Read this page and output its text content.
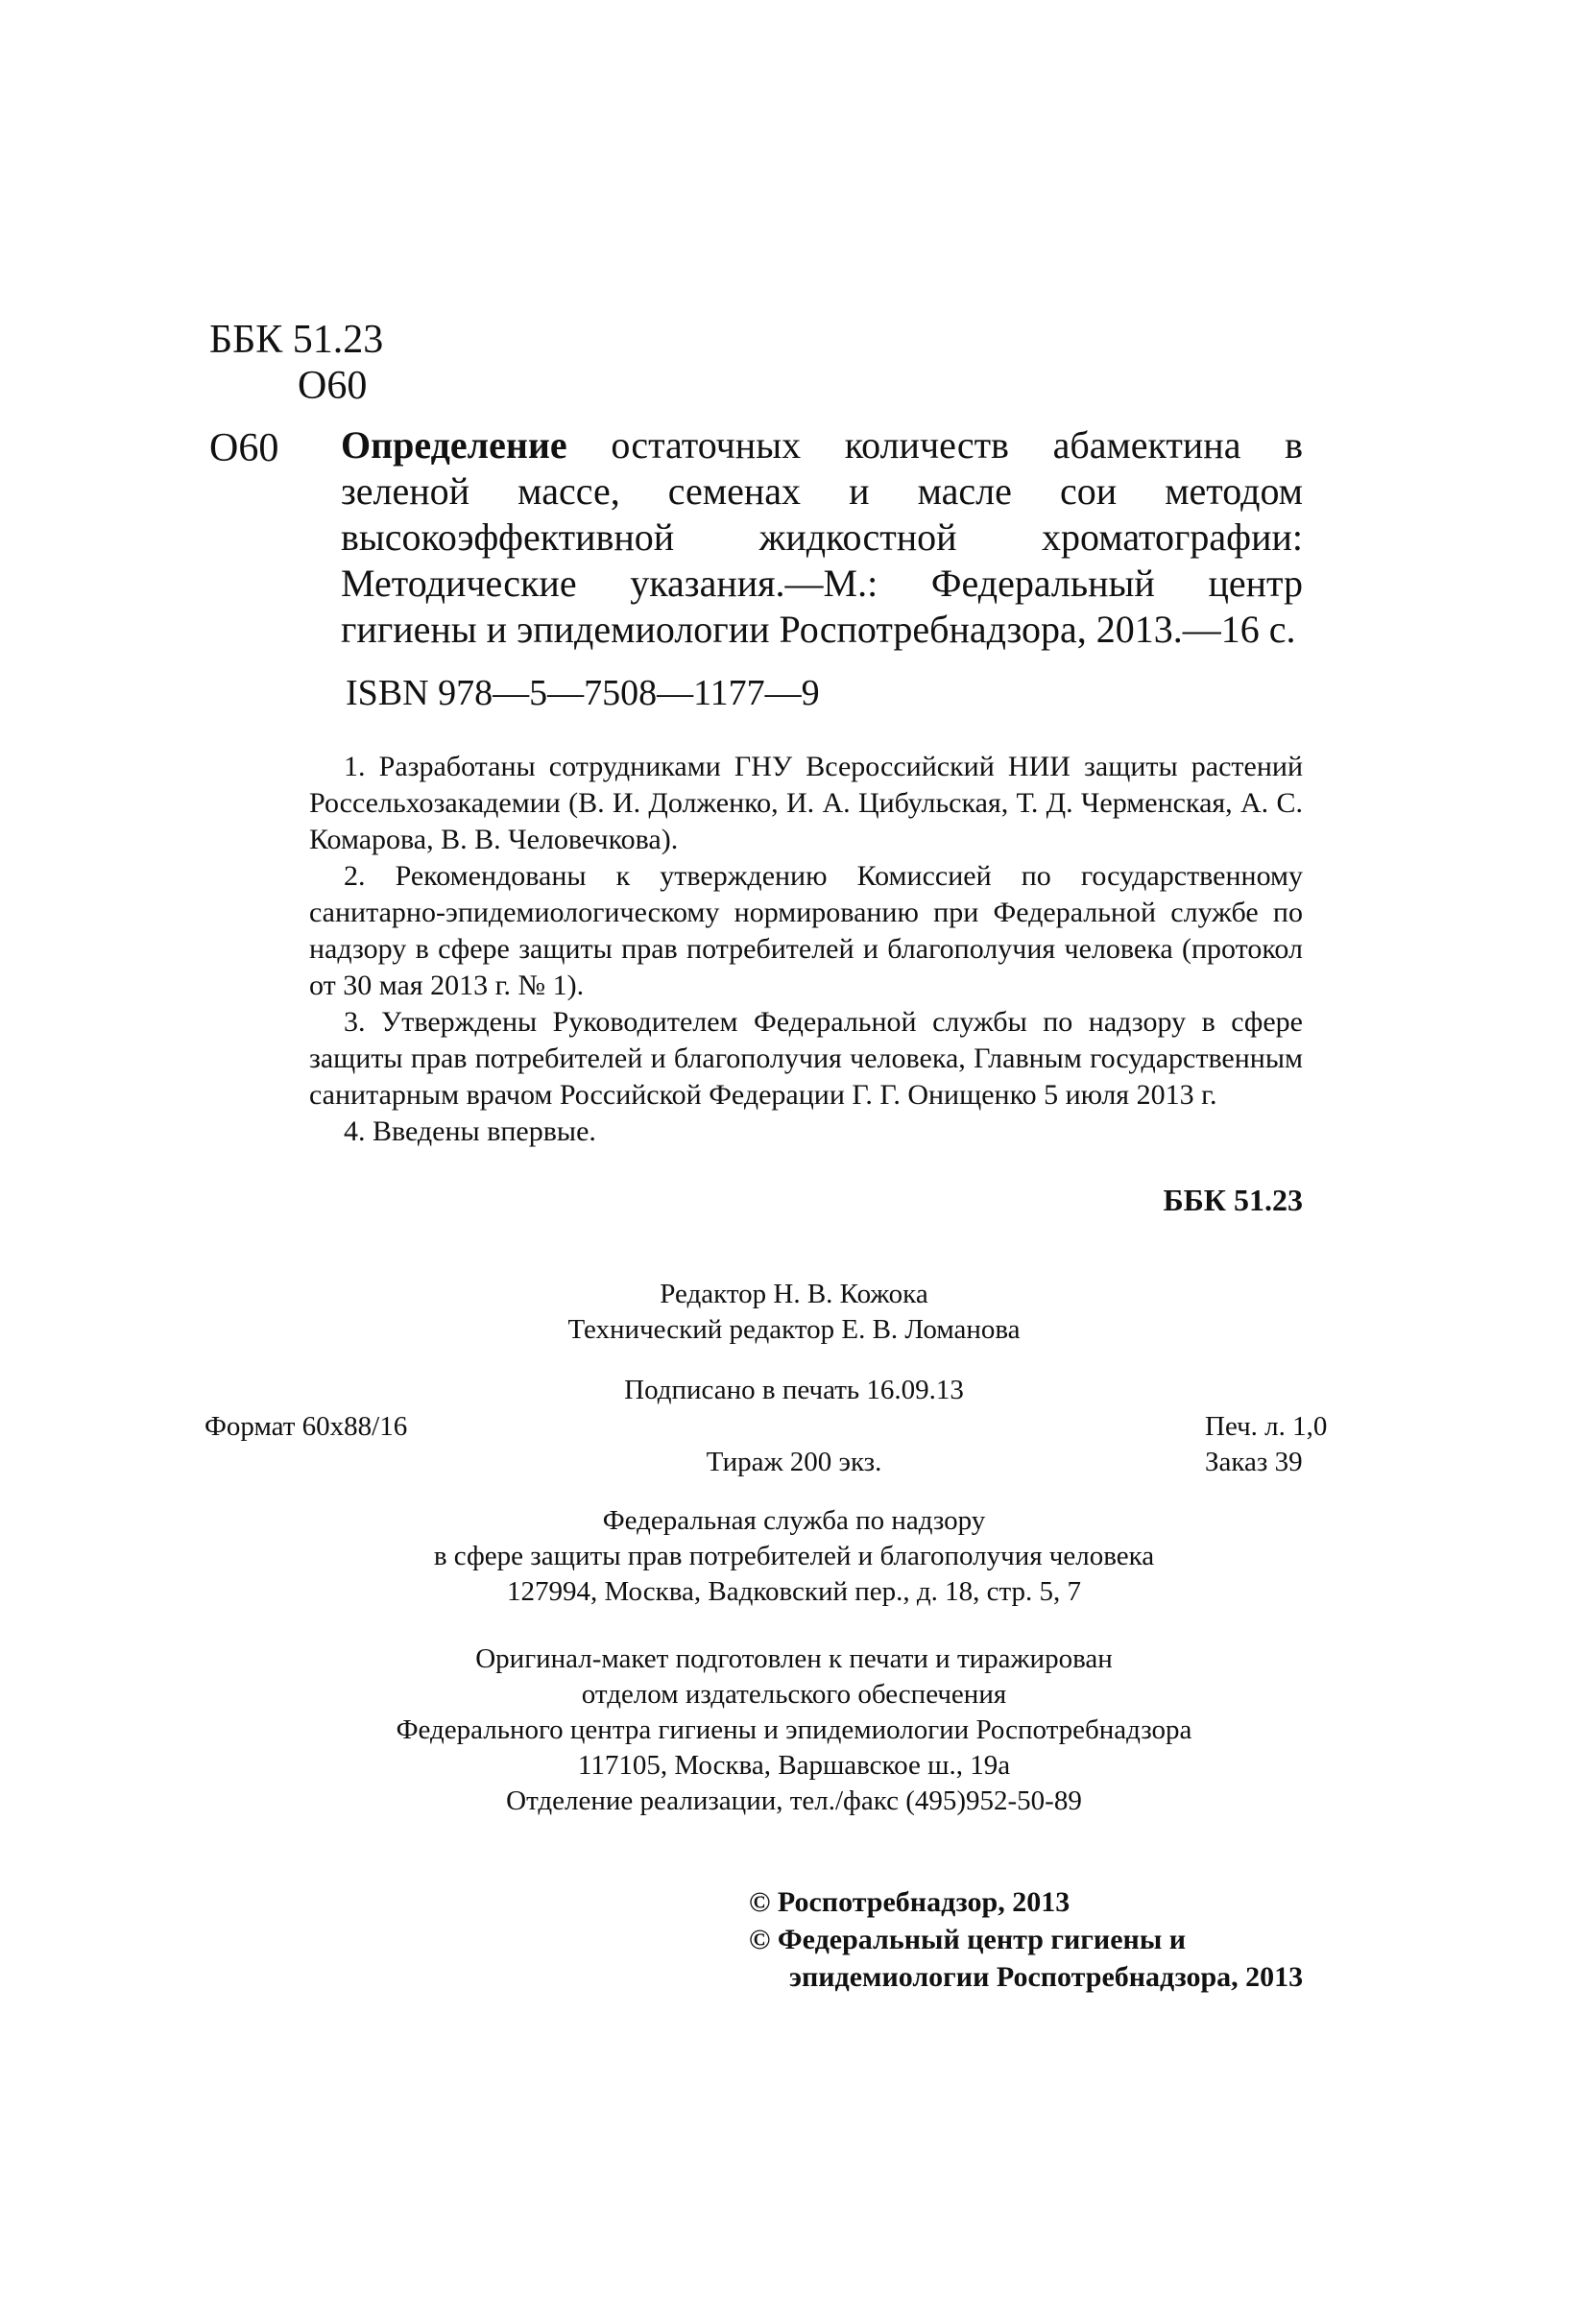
ББК 51.23
О60
О60 Определение остаточных количеств абамектина в зеленой массе, семенах и масле сои методом высокоэффективной жидкостной хроматографии: Методические указания.—М.: Федеральный центр гигиены и эпидемиологии Роспотребнадзора, 2013.—16 с.
ISBN 978—5—7508—1177—9

1. Разработаны сотрудниками ГНУ Всероссийский НИИ защиты растений Россельхозакадемии (В. И. Долженко, И. А. Цибульская, Т. Д. Черменская, А. С. Комарова, В. В. Человечкова).

2. Рекомендованы к утверждению Комиссией по государственному санитарно-эпидемиологическому нормированию при Федеральной службе по надзору в сфере защиты прав потребителей и благополучия человека (протокол от 30 мая 2013 г. № 1).

3. Утверждены Руководителем Федеральной службы по надзору в сфере защиты прав потребителей и благополучия человека, Главным государственным санитарным врачом Российской Федерации Г. Г. Онищенко 5 июля 2013 г.

4. Введены впервые.

ББК 51.23
Редактор Н. В. Кожока
Технический редактор Е. В. Ломанова
Подписано в печать 16.09.13
Формат 60x88/16	Печ. л. 1,0
Тираж 200 экз.	Заказ 39
Федеральная служба по надзору
в сфере защиты прав потребителей и благополучия человека
127994, Москва, Вадковский пер., д. 18, стр. 5, 7
Оригинал-макет подготовлен к печати и тиражирован
отделом издательского обеспечения
Федерального центра гигиены и эпидемиологии Роспотребнадзора
117105, Москва, Варшавское ш., 19а
Отделение реализации, тел./факс (495)952-50-89
© Роспотребнадзор, 2013
© Федеральный центр гигиены и
эпидемиологии Роспотребнадзора, 2013
